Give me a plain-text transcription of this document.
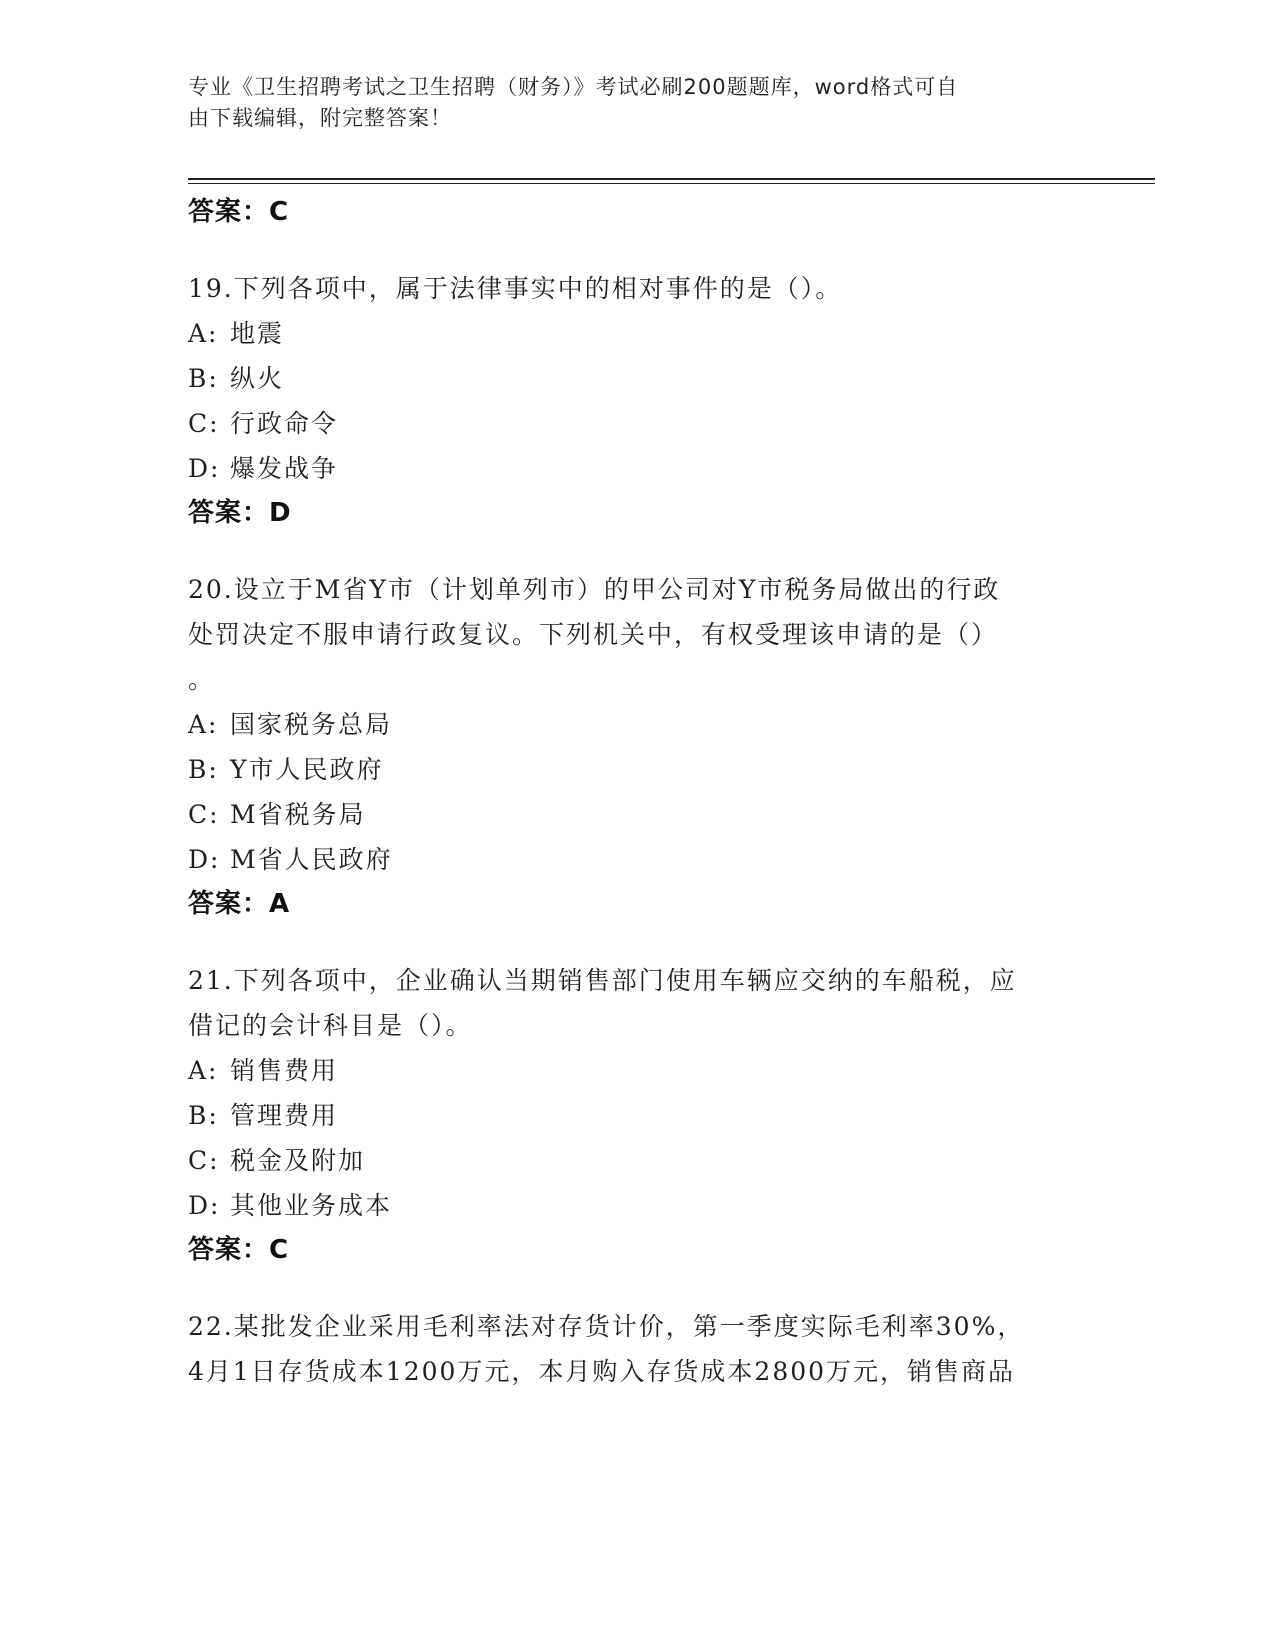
专业《卫生招聘考试之卫生招聘（财务）》考试必刷200题题库，word格式可自
由下载编辑，附完整答案！
答案：C
19.下列各项中，属于法律事实中的相对事件的是（）。
A: 地震
B: 纵火
C: 行政命令
D: 爆发战争
答案：D
20.设立于M省Y市（计划单列市）的甲公司对Y市税务局做出的行政
处罚决定不服申请行政复议。下列机关中，有权受理该申请的是（）
。
A: 国家税务总局
B: Y市人民政府
C: M省税务局
D: M省人民政府
答案：A
21.下列各项中，企业确认当期销售部门使用车辆应交纳的车船税，应
借记的会计科目是（）。
A: 销售费用
B: 管理费用
C: 税金及附加
D: 其他业务成本
答案：C
22.某批发企业采用毛利率法对存货计价，第一季度实际毛利率30%，
4月1日存货成本1200万元，本月购入存货成本2800万元，销售商品
